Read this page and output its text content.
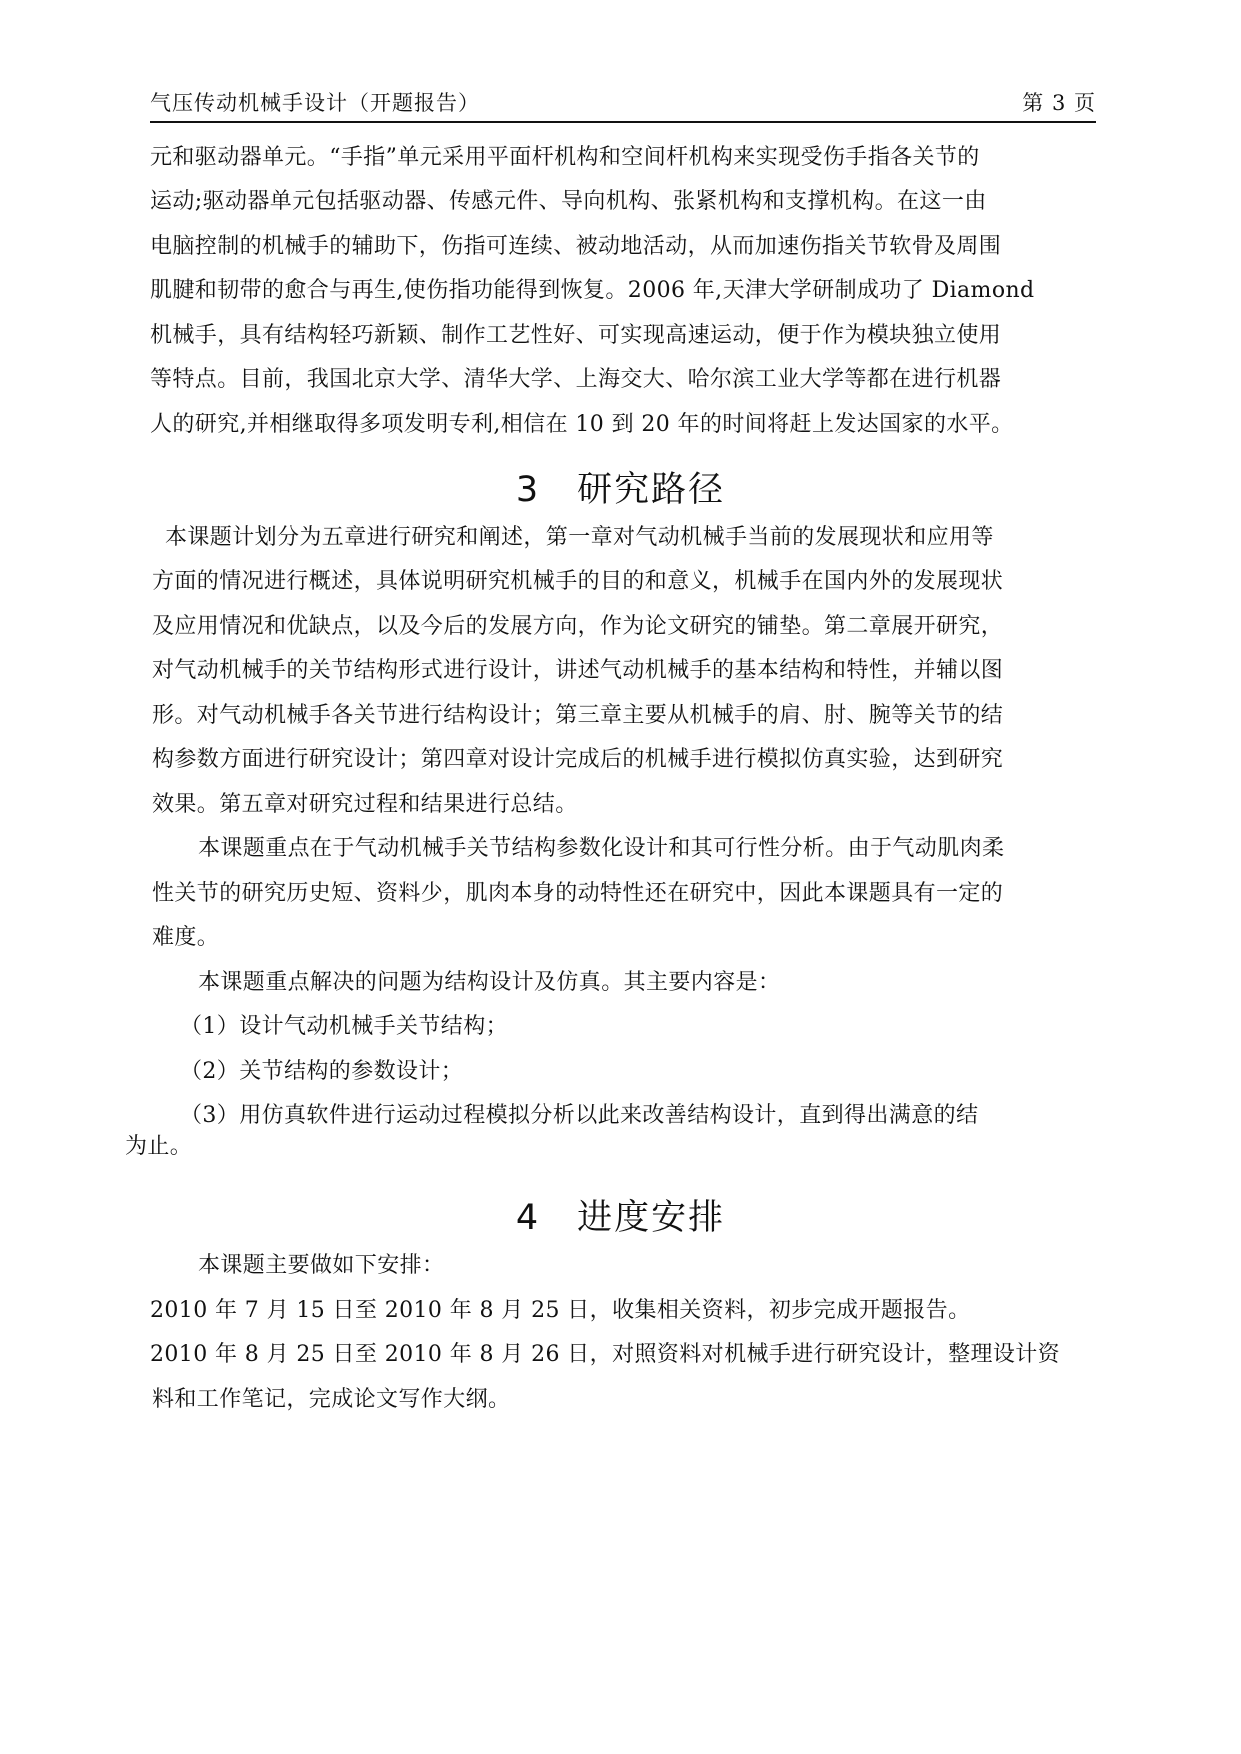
气压传动机械手设计（开题报告）	第 3 页
元和驱动器单元。“手指”单元采用平面杆机构和空间杆机构来实现受伤手指各关节的
运动;驱动器单元包括驱动器、传感元件、导向机构、张紧机构和支撑机构。在这一由
电脑控制的机械手的辅助下，伤指可连续、被动地活动，从而加速伤指关节软骨及周围
肌腱和韧带的愈合与再生,使伤指功能得到恢复。2006 年,天津大学研制成功了 Diamond
机械手，具有结构轻巧新颖、制作工艺性好、可实现高速运动，便于作为模块独立使用
等特点。目前，我国北京大学、清华大学、上海交大、哈尔滨工业大学等都在进行机器
人的研究,并相继取得多项发明专利,相信在 10 到 20 年的时间将赶上发达国家的水平。
3　研究路径
本课题计划分为五章进行研究和阐述，第一章对气动机械手当前的发展现状和应用等
方面的情况进行概述，具体说明研究机械手的目的和意义，机械手在国内外的发展现状
及应用情况和优缺点，以及今后的发展方向，作为论文研究的铺垫。第二章展开研究，
对气动机械手的关节结构形式进行设计，讲述气动机械手的基本结构和特性，并辅以图
形。对气动机械手各关节进行结构设计；第三章主要从机械手的肩、肘、腕等关节的结
构参数方面进行研究设计；第四章对设计完成后的机械手进行模拟仿真实验，达到研究
效果。第五章对研究过程和结果进行总结。
本课题重点在于气动机械手关节结构参数化设计和其可行性分析。由于气动肌肉柔
性关节的研究历史短、资料少，肌肉本身的动特性还在研究中，因此本课题具有一定的
难度。
本课题重点解决的问题为结构设计及仿真。其主要内容是：
（1）设计气动机械手关节结构；
（2）关节结构的参数设计；
（3）用仿真软件进行运动过程模拟分析以此来改善结构设计，直到得出满意的结
为止。
4　进度安排
本课题主要做如下安排：
2010 年 7 月 15 日至 2010 年 8 月 25 日，收集相关资料，初步完成开题报告。
2010 年 8 月 25 日至 2010 年 8 月 26 日，对照资料对机械手进行研究设计，整理设计资
料和工作笔记，完成论文写作大纲。
